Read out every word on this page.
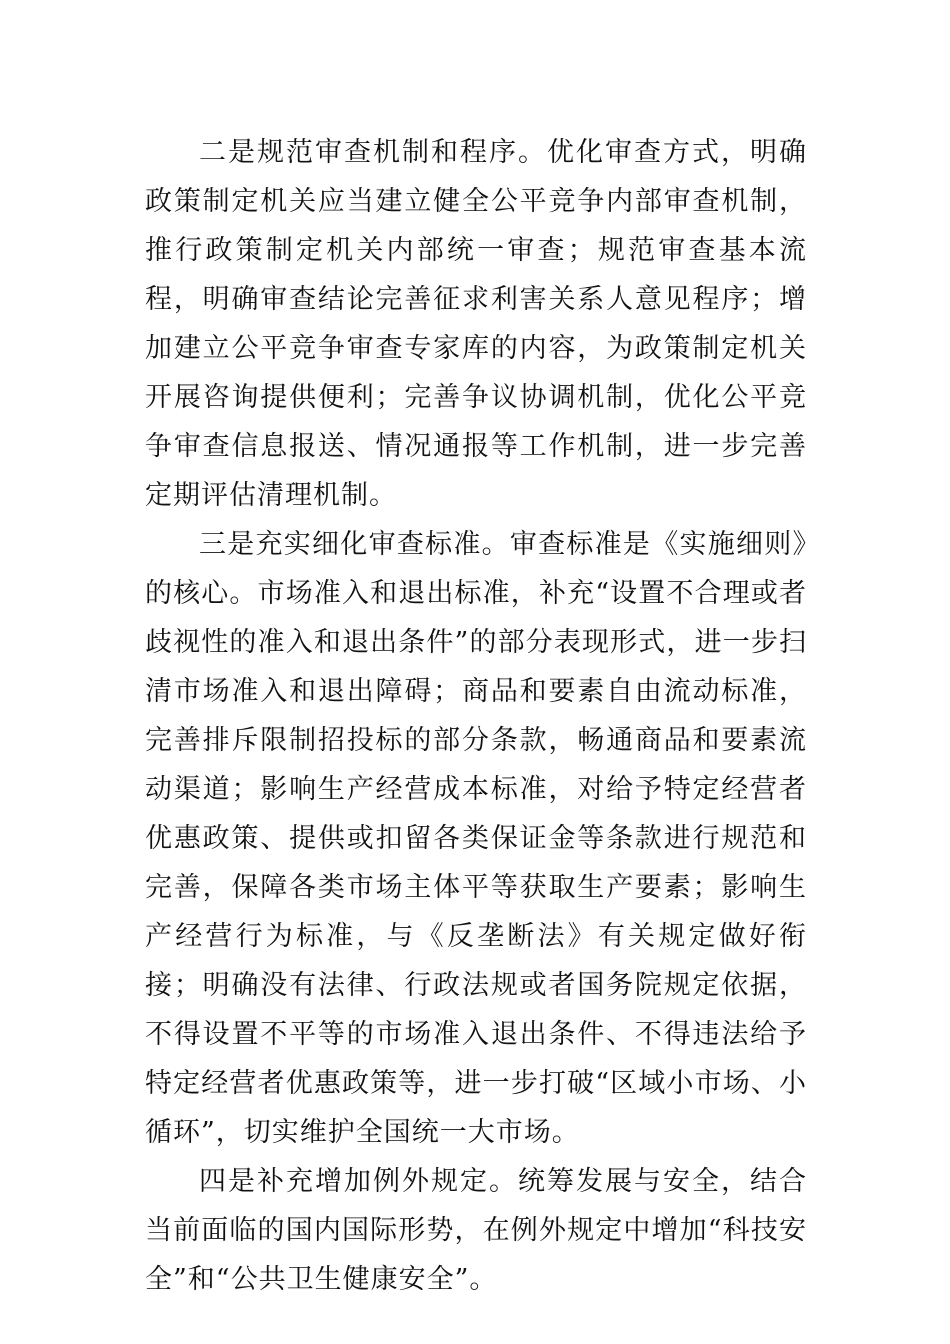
二是规范审查机制和程序。优化审查方式，明确政策制定机关应当建立健全公平竞争内部审查机制，推行政策制定机关内部统一审查；规范审查基本流程，明确审查结论完善征求利害关系人意见程序；增加建立公平竞争审查专家库的内容，为政策制定机关开展咨询提供便利；完善争议协调机制，优化公平竞争审查信息报送、情况通报等工作机制，进一步完善定期评估清理机制。

三是充实细化审查标准。审查标准是《实施细则》的核心。市场准入和退出标准，补充“设置不合理或者歧视性的准入和退出条件”的部分表现形式，进一步扫清市场准入和退出障碍；商品和要素自由流动标准，完善排斥限制招投标的部分条款，畅通商品和要素流动渠道；影响生产经营成本标准，对给予特定经营者优惠政策、提供或扣留各类保证金等条款进行规范和完善，保障各类市场主体平等获取生产要素；影响生产经营行为标准，与《反垄断法》有关规定做好衔接；明确没有法律、行政法规或者国务院规定依据，不得设置不平等的市场准入退出条件、不得违法给予特定经营者优惠政策等，进一步打破“区域小市场、小循环”，切实维护全国统一大市场。

四是补充增加例外规定。统筹发展与安全，结合当前面临的国内国际形势，在例外规定中增加“科技安全”和“公共卫生健康安全”。
